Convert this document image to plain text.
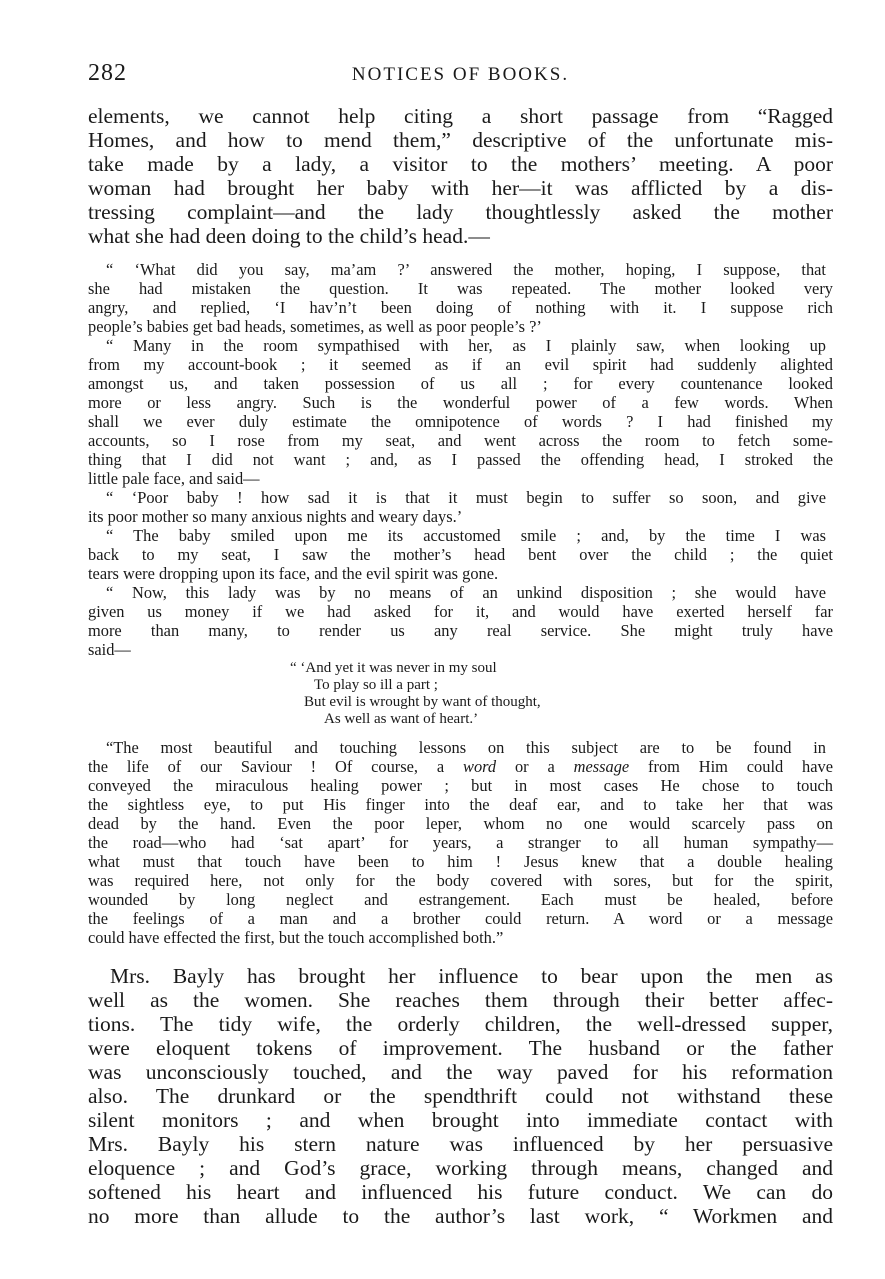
282	NOTICES OF BOOKS.
elements, we cannot help citing a short passage from “Ragged
Homes, and how to mend them,” descriptive of the unfortunate mis-
take made by a lady, a visitor to the mothers’ meeting. A poor
woman had brought her baby with her—it was afflicted by a dis-
tressing complaint—and the lady thoughtlessly asked the mother
what she had deen doing to the child’s head.—
“ ‘What did you say, ma’am ?’ answered the mother, hoping, I suppose, that
she had mistaken the question. It was repeated. The mother looked very
angry, and replied, ‘I hav’n’t been doing of nothing with it. I suppose rich
people’s babies get bad heads, sometimes, as well as poor people’s ?’
“ Many in the room sympathised with her, as I plainly saw, when looking up
from my account-book ; it seemed as if an evil spirit had suddenly alighted
amongst us, and taken possession of us all ; for every countenance looked
more or less angry. Such is the wonderful power of a few words. When
shall we ever duly estimate the omnipotence of words ? I had finished my
accounts, so I rose from my seat, and went across the room to fetch some-
thing that I did not want ; and, as I passed the offending head, I stroked the
little pale face, and said—
“ ‘Poor baby ! how sad it is that it must begin to suffer so soon, and give
its poor mother so many anxious nights and weary days.’
“ The baby smiled upon me its accustomed smile ; and, by the time I was
back to my seat, I saw the mother’s head bent over the child ; the quiet
tears were dropping upon its face, and the evil spirit was gone.
“ Now, this lady was by no means of an unkind disposition ; she would have
given us money if we had asked for it, and would have exerted herself far
more than many, to render us any real service. She might truly have
said—
“ ‘And yet it was never in my soul
To play so ill a part ;
But evil is wrought by want of thought,
As well as want of heart.’
“The most beautiful and touching lessons on this subject are to be found in
the life of our Saviour ! Of course, a word or a message from Him could have
conveyed the miraculous healing power ; but in most cases He chose to touch
the sightless eye, to put His finger into the deaf ear, and to take her that was
dead by the hand. Even the poor leper, whom no one would scarcely pass on
the road—who had ‘sat apart’ for years, a stranger to all human sympathy—
what must that touch have been to him ! Jesus knew that a double healing
was required here, not only for the body covered with sores, but for the spirit,
wounded by long neglect and estrangement. Each must be healed, before
the feelings of a man and a brother could return. A word or a message
could have effected the first, but the touch accomplished both.”
Mrs. Bayly has brought her influence to bear upon the men as
well as the women. She reaches them through their better affec-
tions. The tidy wife, the orderly children, the well-dressed supper,
were eloquent tokens of improvement. The husband or the father
was unconsciously touched, and the way paved for his reformation
also. The drunkard or the spendthrift could not withstand these
silent monitors ; and when brought into immediate contact with
Mrs. Bayly his stern nature was influenced by her persuasive
eloquence ; and God’s grace, working through means, changed and
softened his heart and influenced his future conduct. We can do
no more than allude to the author’s last work, “ Workmen and
